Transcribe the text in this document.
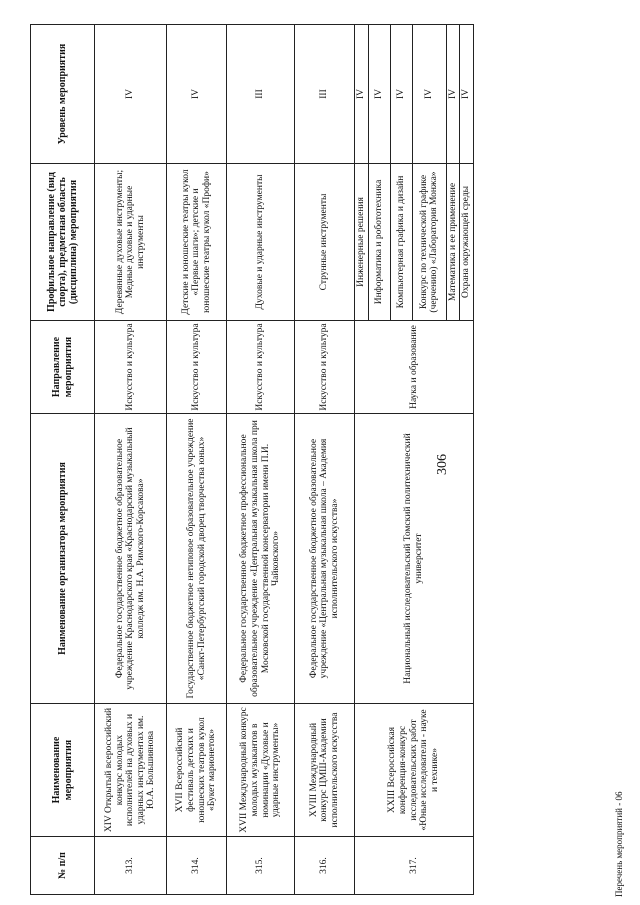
306
№ п/п	Наименование мероприятия	Наименование организатора мероприятия	Направление мероприятия	Профильное направление (вид спорта), предметная область (дисциплина) мероприятия	Уровень мероприятия
313.	XIV Открытый всероссийский конкурс молодых исполнителей на духовых и ударных инструментах им. Ю.А. Большиянова	Федеральное государственное бюджетное образовательное учреждение Краснодарского края «Краснодарский музыкальный колледж им. Н.А. Римского-Корсакова»	Искусство и культура	Деревянные духовые инструменты; Медные духовые и ударные инструменты	IV
314.	XVII Всероссийский фестиваль детских и юношеских театров кукол «Букет марионеток»	Государственное бюджетное нетиповое образовательное учреждение «Санкт-Петербургский городской дворец творчества юных»	Искусство и культура	Детские и юношеские театры кукол «Первые шаги»; детские и юношеские театры кукол «Профи»	IV
315.	XVII Международный конкурс молодых музыкантов в номинации «Духовые и ударные инструменты»	Федеральное государственное бюджетное профессиональное образовательное учреждение «Центральная музыкальная школа при Московской государственной консерватории имени П.И. Чайковского»	Искусство и культура	Духовые и ударные инструменты	III
316.	XVIII Международный конкурс ЦМШ-Академии исполнительского искусства	Федеральное государственное бюджетное образовательное учреждение «Центральная музыкальная школа – Академия исполнительского искусства»	Искусство и культура	Струнные инструменты	III
317.	XXIII Всероссийская конференция-конкурс исследовательских работ «Юные исследователи - науке и технике»	Национальный исследовательский Томский политехнический университет	Наука и образование	Инженерные решения	IV
				Информатика и робототехника	IV
				Компьютерная графика и дизайн	IV
				Конкурс по технической графике (черчению) «Лаборатория Монжа»	IV
				Математика и ее применение	IV
				Охрана окружающей среды	IV
Перечень мероприятий - 06
